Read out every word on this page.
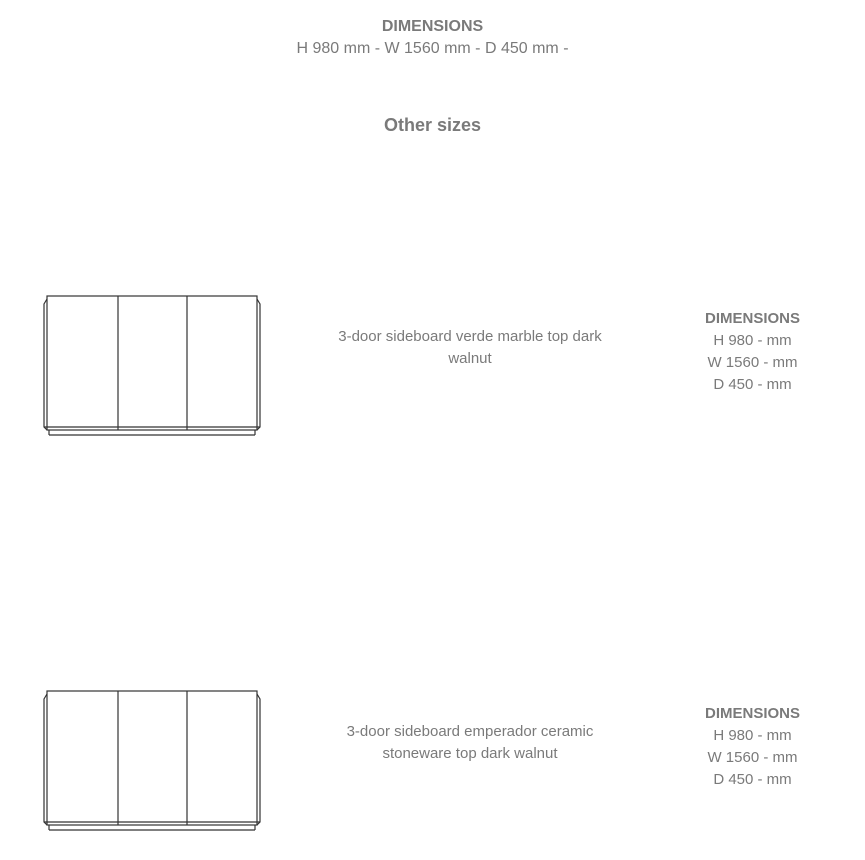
DIMENSIONS
H 980 mm - W 1560 mm - D 450 mm -
Other sizes
3-door sideboard verde marble top dark
walnut
DIMENSIONS
H 980 - mm
W 1560 - mm
D 450 - mm
3-door sideboard emperador ceramic
stoneware top dark walnut
DIMENSIONS
H 980 - mm
W 1560 - mm
D 450 - mm
